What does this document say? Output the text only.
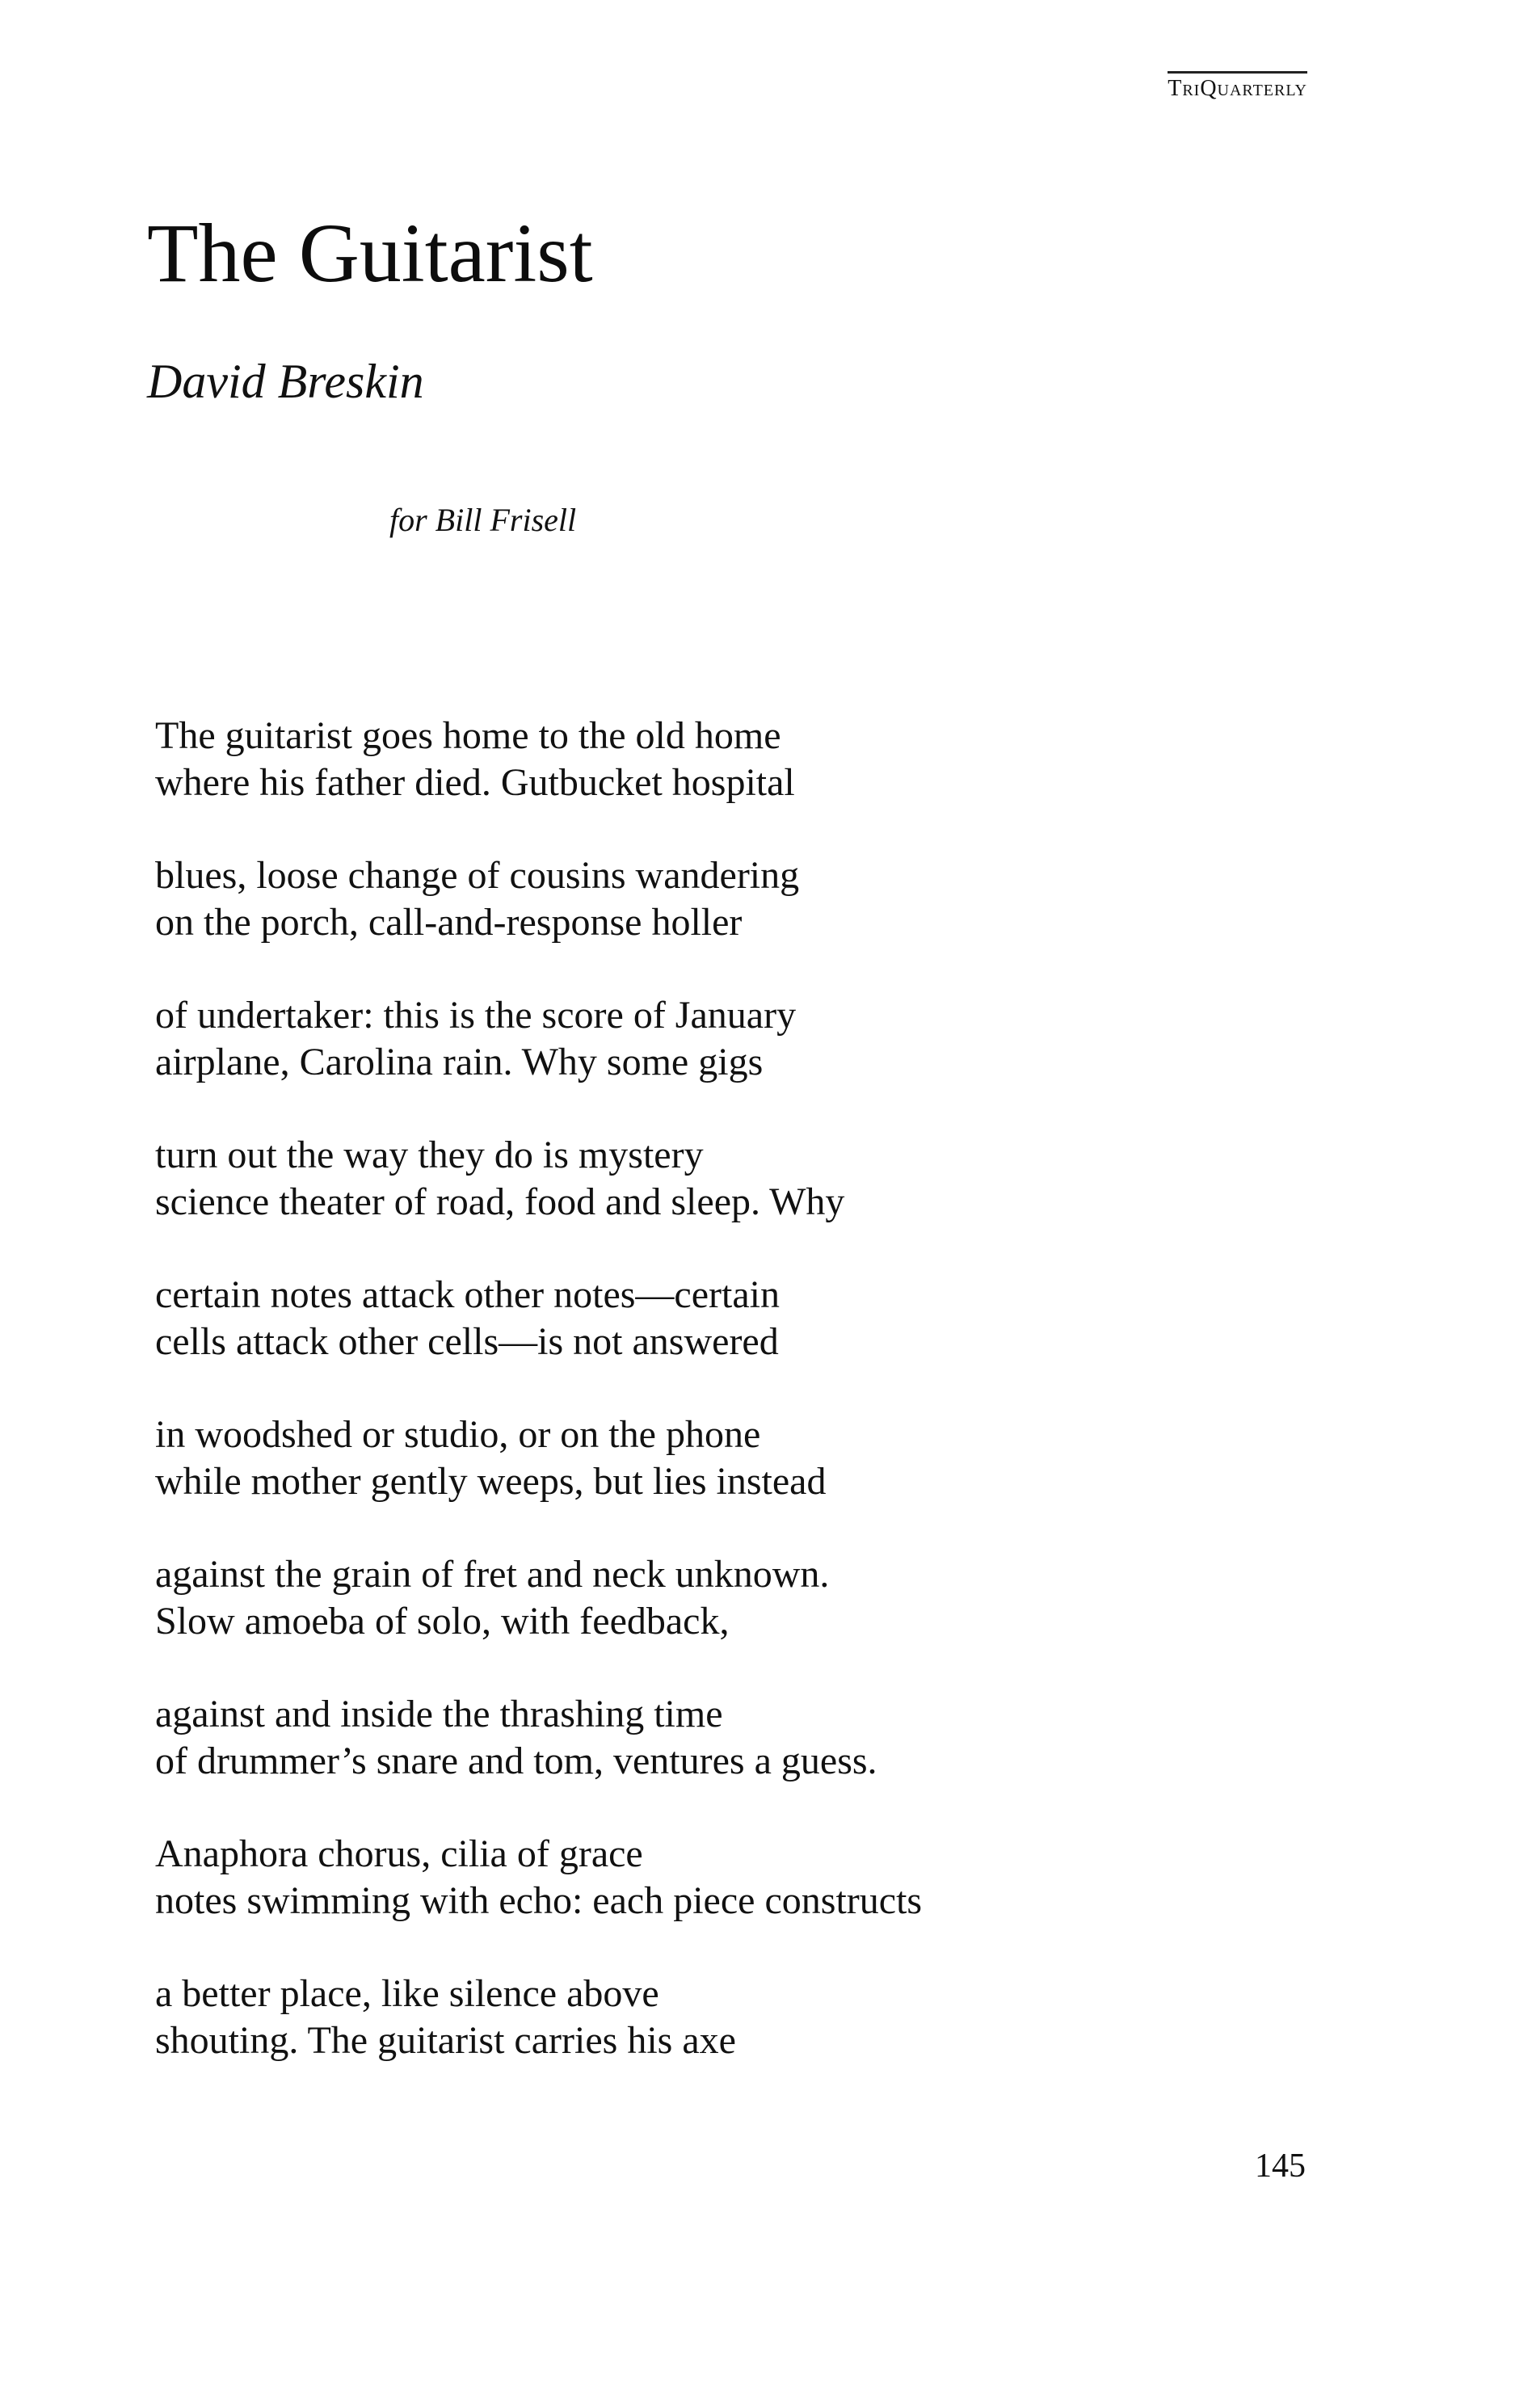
TriQuarterly
The Guitarist
David Breskin
for Bill Frisell
The guitarist goes home to the old home
where his father died. Gutbucket hospital
blues, loose change of cousins wandering
on the porch, call-and-response holler
of undertaker: this is the score of January
airplane, Carolina rain. Why some gigs
turn out the way they do is mystery
science theater of road, food and sleep. Why
certain notes attack other notes—certain
cells attack other cells—is not answered
in woodshed or studio, or on the phone
while mother gently weeps, but lies instead
against the grain of fret and neck unknown.
Slow amoeba of solo, with feedback,
against and inside the thrashing time
of drummer’s snare and tom, ventures a guess.
Anaphora chorus, cilia of grace
notes swimming with echo: each piece constructs
a better place, like silence above
shouting. The guitarist carries his axe
145
